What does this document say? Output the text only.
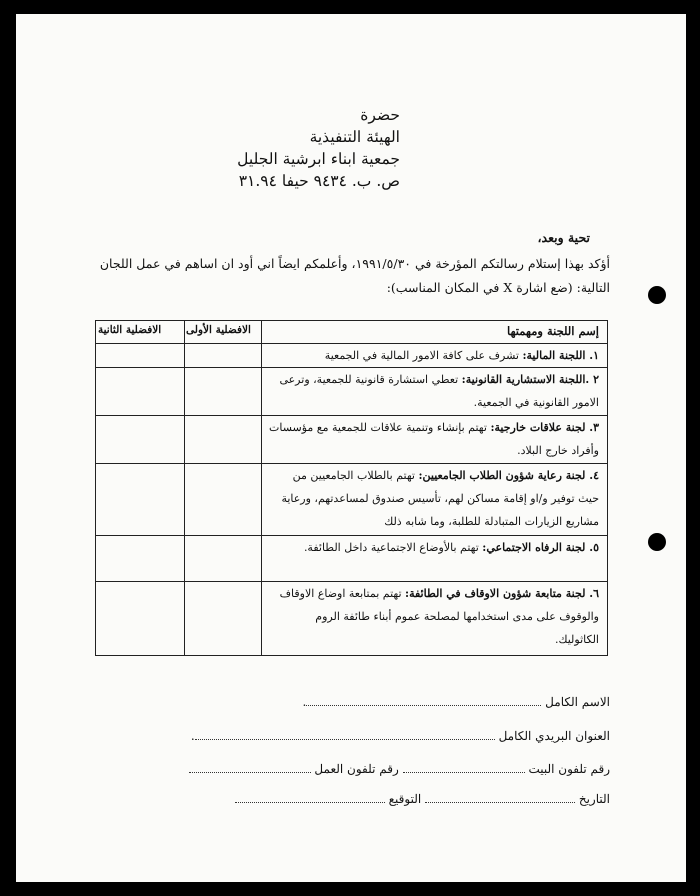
حضرة
الهيئة التنفيذية
جمعية ابناء ابرشية الجليل
ص. ب. ٩٤٣٤ حيفا ٣١.٩٤
تحية وبعد،
أؤكد بهذا إستلام رسالتكم المؤرخة في ١٩٩١/٥/٣٠، وأعلمكم ايضاً اني أود ان اساهم في عمل اللجان التالية: (ضع اشارة X في المكان المناسب):
إسم اللجنة ومهمتها
الافضلية الأولى
الافضلية الثانية
١. اللجنة المالية: تشرف على كافة الامور المالية في الجمعية
٢ .اللجنة الاستشارية القانونية: تعطي استشارة قانونية للجمعية، وترعى الامور القانونية في الجمعية.
٣. لجنة علاقات خارجية: تهتم بإنشاء وتنمية علاقات للجمعية مع مؤسسات وأفراد خارج البلاد.
٤. لجنة رعاية شؤون الطلاب الجامعيين: تهتم بالطلاب الجامعيين من حيث توفير و/او إقامة مساكن لهم، تأسيس صندوق لمساعدتهم، ورعاية مشاريع الزيارات المتبادلة للطلبة، وما شابه ذلك
٥. لجنة الرفاه الاجتماعي: تهتم بالأوضاع الاجتماعية داخل الطائفة.
٦. لجنة متابعة شؤون الاوقاف في الطائفة: تهتم بمتابعة اوضاع الاوقاف والوقوف على مدى استخدامها لمصلحة عموم أبناء طائفة الروم الكاثوليك.
الاسم الكامل .
العنوان البريدي الكامل .
رقم تلفون البيت  رقم تلفون العمل
التاريخ  التوقيع
